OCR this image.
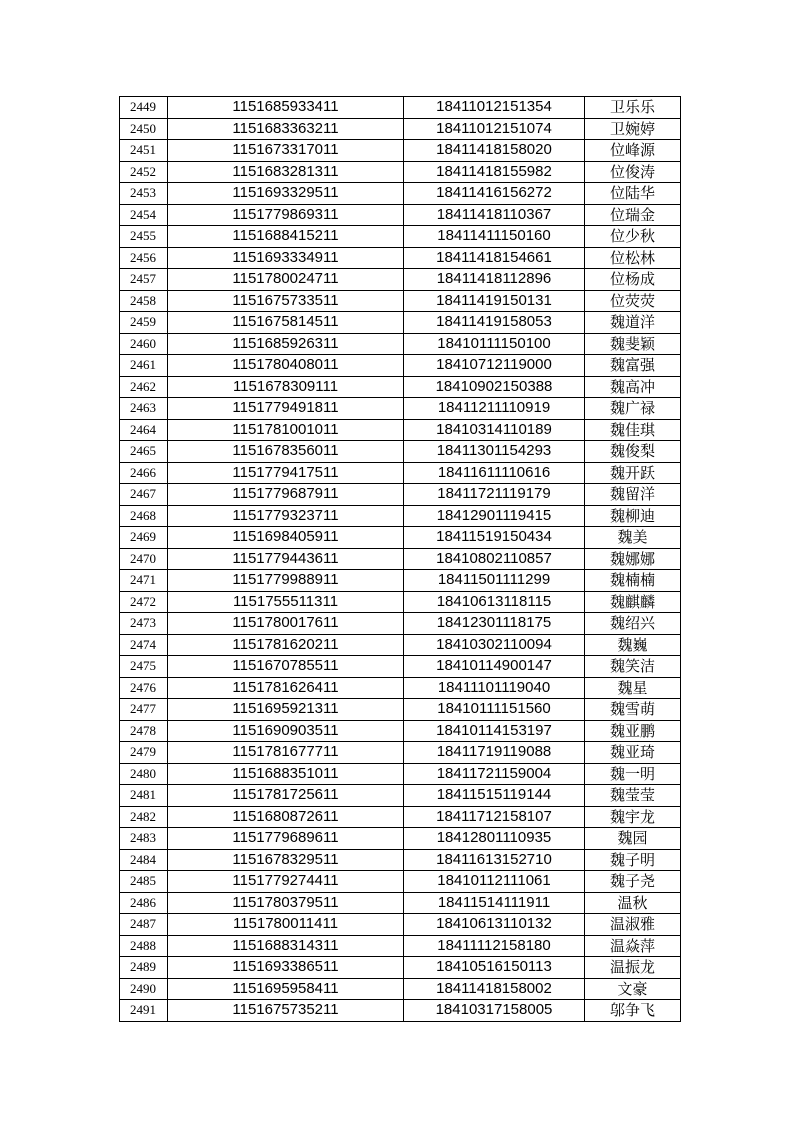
2449	1151685933411	18411012151354	卫乐乐
2450	1151683363211	18411012151074	卫婉婷
2451	1151673317011	18411418158020	位峰源
2452	1151683281311	18411418155982	位俊涛
2453	1151693329511	18411416156272	位陆华
2454	1151779869311	18411418110367	位瑞金
2455	1151688415211	18411411150160	位少秋
2456	1151693334911	18411418154661	位松林
2457	1151780024711	18411418112896	位杨成
2458	1151675733511	18411419150131	位荧荧
2459	1151675814511	18411419158053	魏道洋
2460	1151685926311	18410111150100	魏斐颖
2461	1151780408011	18410712119000	魏富强
2462	1151678309111	18410902150388	魏高冲
2463	1151779491811	18411211110919	魏广禄
2464	1151781001011	18410314110189	魏佳琪
2465	1151678356011	18411301154293	魏俊梨
2466	1151779417511	18411611110616	魏开跃
2467	1151779687911	18411721119179	魏留洋
2468	1151779323711	18412901119415	魏柳迪
2469	1151698405911	18411519150434	魏美
2470	1151779443611	18410802110857	魏娜娜
2471	1151779988911	18411501111299	魏楠楠
2472	1151755511311	18410613118115	魏麒麟
2473	1151780017611	18412301118175	魏绍兴
2474	1151781620211	18410302110094	魏巍
2475	1151670785511	18410114900147	魏笑洁
2476	1151781626411	18411101119040	魏星
2477	1151695921311	18410111151560	魏雪萌
2478	1151690903511	18410114153197	魏亚鹏
2479	1151781677711	18411719119088	魏亚琦
2480	1151688351011	18411721159004	魏一明
2481	1151781725611	18411515119144	魏莹莹
2482	1151680872611	18411712158107	魏宇龙
2483	1151779689611	18412801110935	魏园
2484	1151678329511	18411613152710	魏子明
2485	1151779274411	18410112111061	魏子尧
2486	1151780379511	18411514111911	温秋
2487	1151780011411	18410613110132	温淑雅
2488	1151688314311	18411112158180	温焱萍
2489	1151693386511	18410516150113	温振龙
2490	1151695958411	18411418158002	文豪
2491	1151675735211	18410317158005	邬争飞
